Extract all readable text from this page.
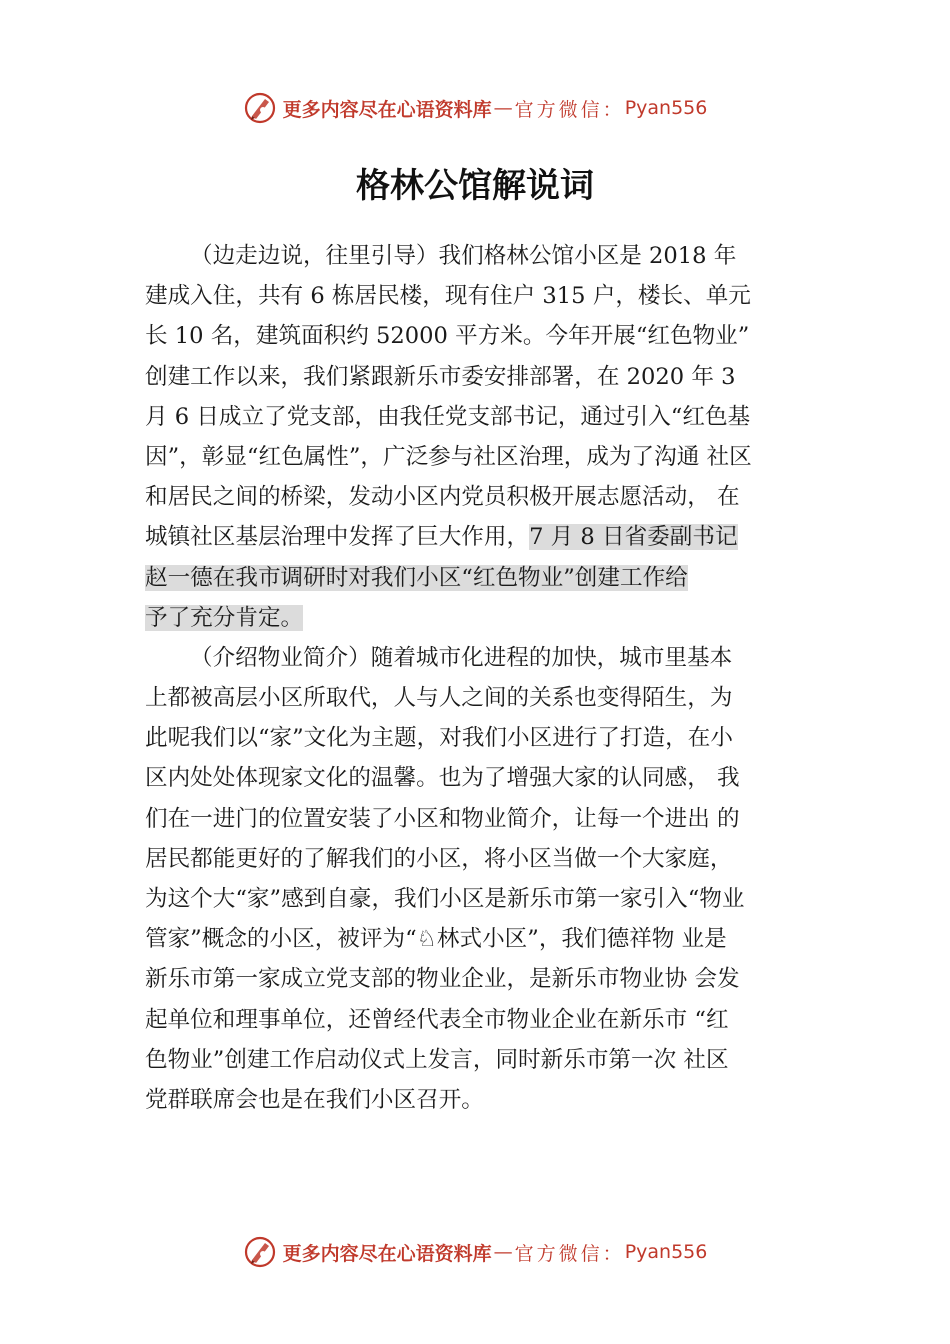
更多内容尽在心语资料库 — 官方微信： Pyan556
格林公馆解说词
（边走边说，往里引导）我们格林公馆小区是 2018 年
建成入住，共有 6 栋居民楼，现有住户 315 户，楼长、单元
长 10 名，建筑面积约 52000 平方米。今年开展“红色物业”
创建工作以来，我们紧跟新乐市委安排部署，在 2020 年 3
月 6 日成立了党支部，由我任党支部书记，通过引入“红色基
因”，彰显“红色属性”，广泛参与社区治理，成为了沟通 社区
和居民之间的桥梁，发动小区内党员积极开展志愿活动， 在
城镇社区基层治理中发挥了巨大作用，7 月 8 日省委副书记
赵一德在我市调研时对我们小区“红色物业”创建工作给
予了充分肯定。
（介绍物业简介）随着城市化进程的加快，城市里基本
上都被高层小区所取代，人与人之间的关系也变得陌生，为
此呢我们以“家”文化为主题，对我们小区进行了打造，在小
区内处处体现家文化的温馨。也为了增强大家的认同感， 我
们在一进门的位置安装了小区和物业简介，让每一个进出 的
居民都能更好的了解我们的小区，将小区当做一个大家庭，
为这个大“家”感到自豪，我们小区是新乐市第一家引入“物业
管家”概念的小区，被评为“♘林式小区”，我们德祥物 业是
新乐市第一家成立党支部的物业企业，是新乐市物业协 会发
起单位和理事单位，还曾经代表全市物业企业在新乐市 “红
色物业”创建工作启动仪式上发言，同时新乐市第一次 社区
党群联席会也是在我们小区召开。
更多内容尽在心语资料库 — 官方微信： Pyan556
